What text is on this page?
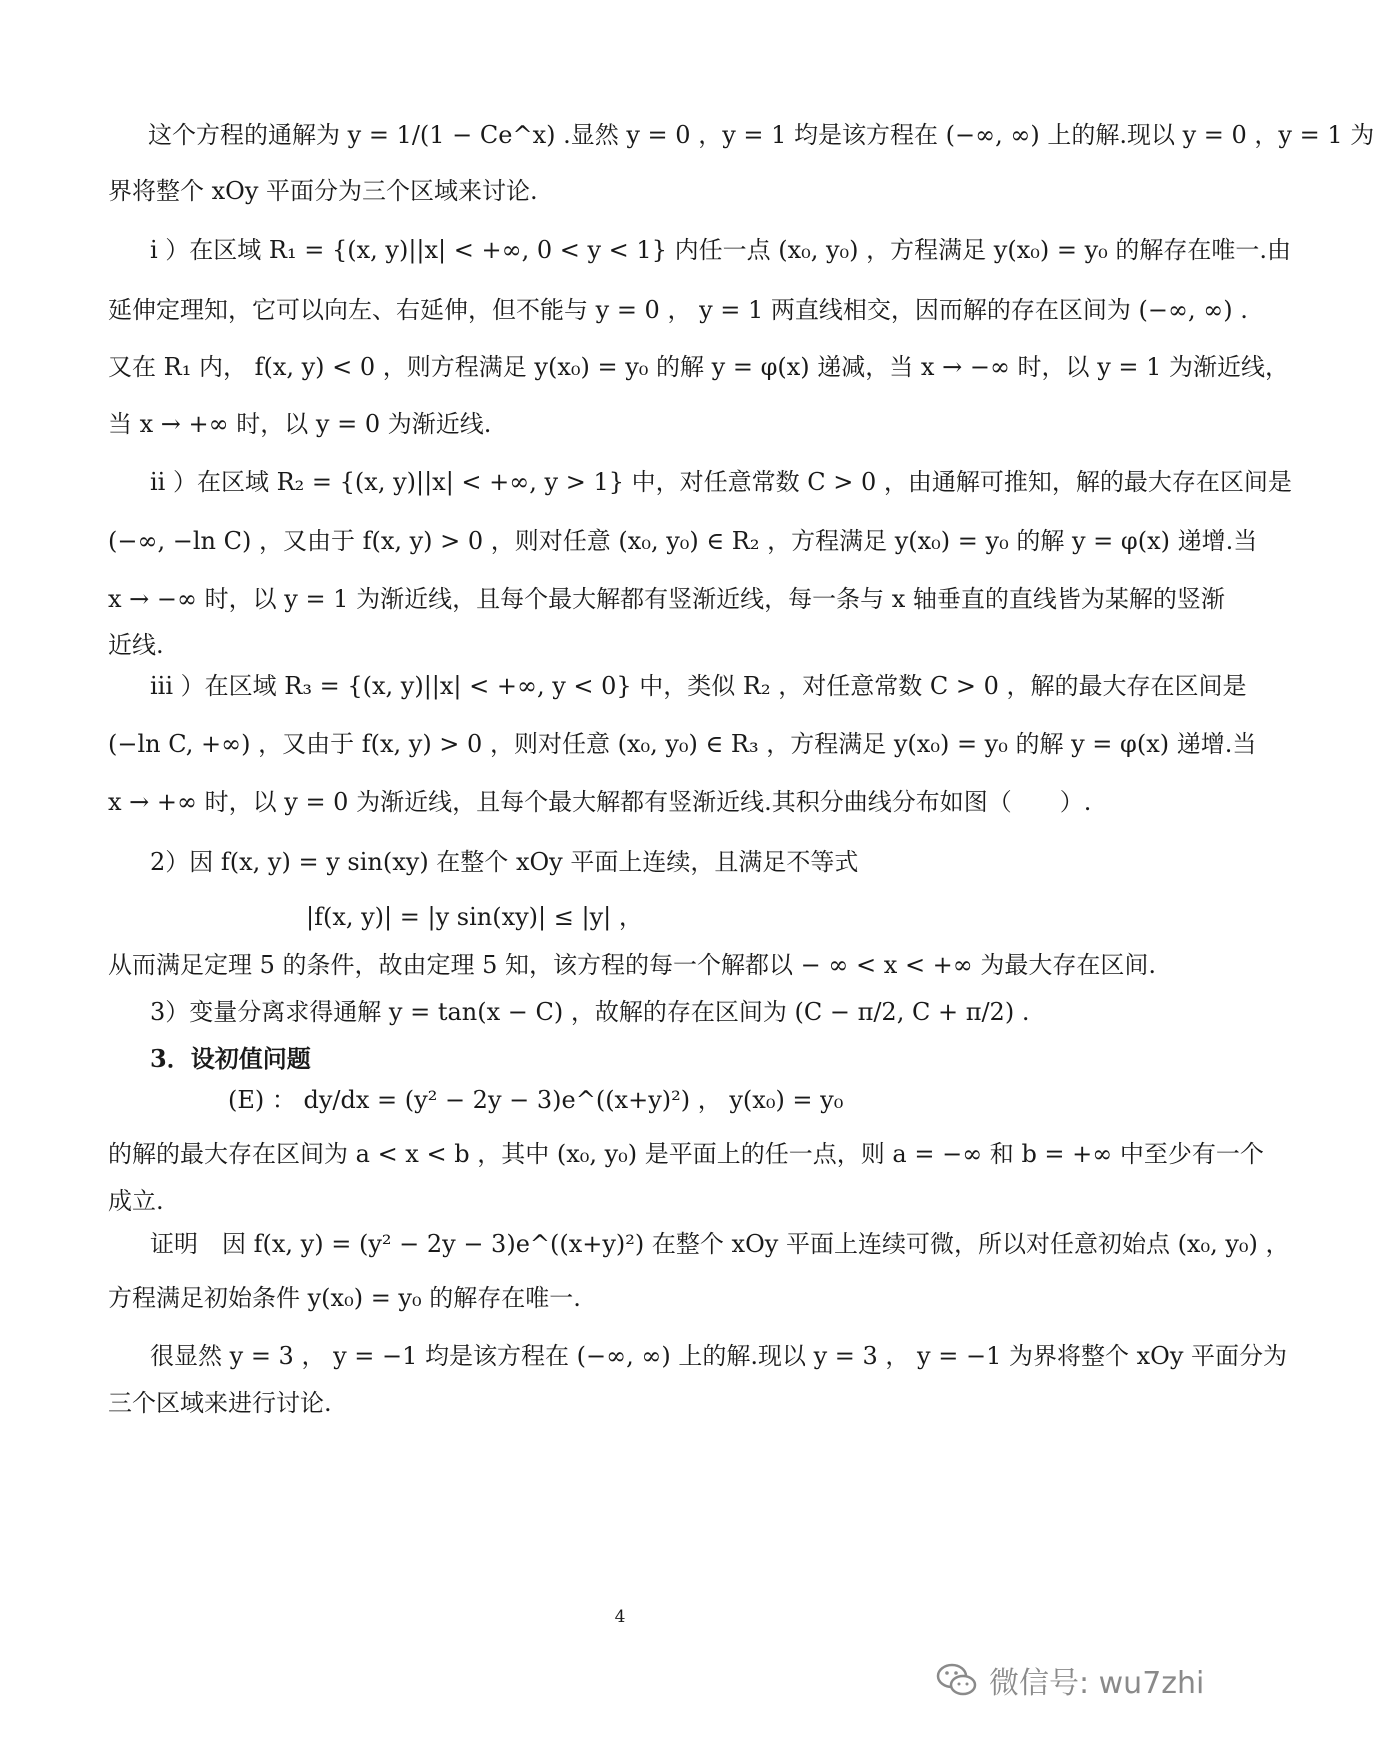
这个方程的通解为 y = 1/(1 − Ce^x) .显然 y = 0 ，y = 1 均是该方程在 (−∞, ∞) 上的解.现以 y = 0 ，y = 1 为
界将整个 xOy 平面分为三个区域来讨论.
i ）在区域 R₁ = {(x, y)||x| < +∞, 0 < y < 1} 内任一点 (x₀, y₀) ，方程满足 y(x₀) = y₀ 的解存在唯一.由
延伸定理知，它可以向左、右延伸，但不能与 y = 0 ， y = 1 两直线相交，因而解的存在区间为 (−∞, ∞) .
又在 R₁ 内， f(x, y) < 0 ，则方程满足 y(x₀) = y₀ 的解 y = φ(x) 递减，当 x → −∞ 时，以 y = 1 为渐近线，
当 x → +∞ 时，以 y = 0 为渐近线.
ii ）在区域 R₂ = {(x, y)||x| < +∞, y > 1} 中，对任意常数 C > 0 ，由通解可推知，解的最大存在区间是
(−∞, −ln C) ，又由于 f(x, y) > 0 ，则对任意 (x₀, y₀) ∈ R₂ ，方程满足 y(x₀) = y₀ 的解 y = φ(x) 递增.当
x → −∞ 时，以 y = 1 为渐近线，且每个最大解都有竖渐近线，每一条与 x 轴垂直的直线皆为某解的竖渐
近线.
iii ）在区域 R₃ = {(x, y)||x| < +∞, y < 0} 中，类似 R₂ ，对任意常数 C > 0 ，解的最大存在区间是
(−ln C, +∞) ，又由于 f(x, y) > 0 ，则对任意 (x₀, y₀) ∈ R₃ ，方程满足 y(x₀) = y₀ 的解 y = φ(x) 递增.当
x → +∞ 时，以 y = 0 为渐近线，且每个最大解都有竖渐近线.其积分曲线分布如图（　　）.
2）因 f(x, y) = y sin(xy) 在整个 xOy 平面上连续，且满足不等式
|f(x, y)| = |y sin(xy)| ≤ |y| ，
从而满足定理 5 的条件，故由定理 5 知，该方程的每一个解都以 − ∞ < x < +∞ 为最大存在区间.
3）变量分离求得通解 y = tan(x − C) ，故解的存在区间为 (C − π/2, C + π/2) .
3．设初值问题
(E) ： dy/dx = (y² − 2y − 3)e^((x+y)²) ， y(x₀) = y₀
的解的最大存在区间为 a < x < b ，其中 (x₀, y₀) 是平面上的任一点，则 a = −∞ 和 b = +∞ 中至少有一个
成立.
证明　因 f(x, y) = (y² − 2y − 3)e^((x+y)²) 在整个 xOy 平面上连续可微，所以对任意初始点 (x₀, y₀) ，
方程满足初始条件 y(x₀) = y₀ 的解存在唯一.
很显然 y = 3 ， y = −1 均是该方程在 (−∞, ∞) 上的解.现以 y = 3 ， y = −1 为界将整个 xOy 平面分为
三个区域来进行讨论.
4
微信号: wu7zhi
